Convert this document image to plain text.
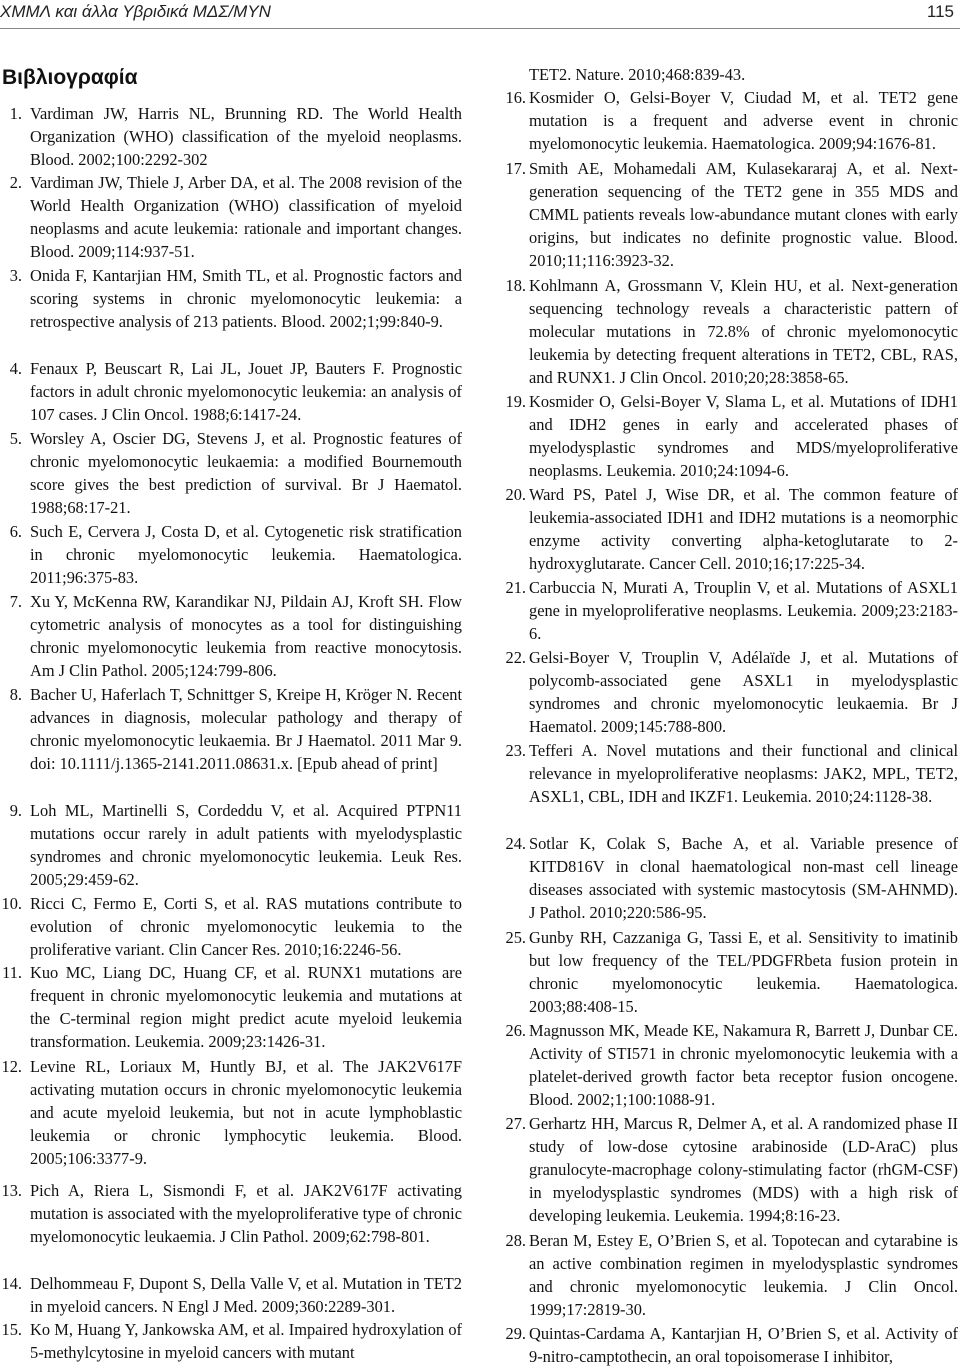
ΧΜΜΛ και άλλα Υβριδικά ΜΔΣ/ΜΥΝ	115
Βιβλιογραφία
1. Vardiman JW, Harris NL, Brunning RD. The World Health Organization (WHO) classification of the myeloid neoplasms. Blood. 2002;100:2292-302
2. Vardiman JW, Thiele J, Arber DA, et al. The 2008 revision of the World Health Organization (WHO) classification of myeloid neoplasms and acute leukemia: rationale and important changes. Blood. 2009;114:937-51.
3. Onida F, Kantarjian HM, Smith TL, et al. Prognostic factors and scoring systems in chronic myelomonocytic leukemia: a retrospective analysis of 213 patients. Blood. 2002;1;99:840-9.
4. Fenaux P, Beuscart R, Lai JL, Jouet JP, Bauters F. Prognostic factors in adult chronic myelomonocytic leukemia: an analysis of 107 cases. J Clin Oncol. 1988;6:1417-24.
5. Worsley A, Oscier DG, Stevens J, et al. Prognostic features of chronic myelomonocytic leukaemia: a modified Bournemouth score gives the best prediction of survival. Br J Haematol. 1988;68:17-21.
6. Such E, Cervera J, Costa D, et al. Cytogenetic risk stratification in chronic myelomonocytic leukemia. Haematologica. 2011;96:375-83.
7. Xu Y, McKenna RW, Karandikar NJ, Pildain AJ, Kroft SH. Flow cytometric analysis of monocytes as a tool for distinguishing chronic myelomonocytic leukemia from reactive monocytosis. Am J Clin Pathol. 2005;124:799-806.
8. Bacher U, Haferlach T, Schnittger S, Kreipe H, Kröger N. Recent advances in diagnosis, molecular pathology and therapy of chronic myelomonocytic leukaemia. Br J Haematol. 2011 Mar 9. doi: 10.1111/j.1365-2141.2011.08631.x. [Epub ahead of print]
9. Loh ML, Martinelli S, Cordeddu V, et al. Acquired PTPN11 mutations occur rarely in adult patients with myelodysplastic syndromes and chronic myelomonocytic leukemia. Leuk Res. 2005;29:459-62.
10. Ricci C, Fermo E, Corti S, et al. RAS mutations contribute to evolution of chronic myelomonocytic leukemia to the proliferative variant. Clin Cancer Res. 2010;16:2246-56.
11. Kuo MC, Liang DC, Huang CF, et al. RUNX1 mutations are frequent in chronic myelomonocytic leukemia and mutations at the C-terminal region might predict acute myeloid leukemia transformation. Leukemia. 2009;23:1426-31.
12. Levine RL, Loriaux M, Huntly BJ, et al. The JAK2V617F activating mutation occurs in chronic myelomonocytic leukemia and acute myeloid leukemia, but not in acute lymphoblastic leukemia or chronic lymphocytic leukemia. Blood. 2005;106:3377-9.
13. Pich A, Riera L, Sismondi F, et al. JAK2V617F activating mutation is associated with the myeloproliferative type of chronic myelomonocytic leukaemia. J Clin Pathol. 2009;62:798-801.
14. Delhommeau F, Dupont S, Della Valle V, et al. Mutation in TET2 in myeloid cancers. N Engl J Med. 2009;360:2289-301.
15. Ko M, Huang Y, Jankowska AM, et al. Impaired hydroxylation of 5-methylcytosine in myeloid cancers with mutant
TET2. Nature. 2010;468:839-43.
16. Kosmider O, Gelsi-Boyer V, Ciudad M, et al. TET2 gene mutation is a frequent and adverse event in chronic myelomonocytic leukemia. Haematologica. 2009;94:1676-81.
17. Smith AE, Mohamedali AM, Kulasekararaj A, et al. Next-generation sequencing of the TET2 gene in 355 MDS and CMML patients reveals low-abundance mutant clones with early origins, but indicates no definite prognostic value. Blood. 2010;11;116:3923-32.
18. Kohlmann A, Grossmann V, Klein HU, et al. Next-generation sequencing technology reveals a characteristic pattern of molecular mutations in 72.8% of chronic myelomonocytic leukemia by detecting frequent alterations in TET2, CBL, RAS, and RUNX1. J Clin Oncol. 2010;20;28:3858-65.
19. Kosmider O, Gelsi-Boyer V, Slama L, et al. Mutations of IDH1 and IDH2 genes in early and accelerated phases of myelodysplastic syndromes and MDS/myeloproliferative neoplasms. Leukemia. 2010;24:1094-6.
20. Ward PS, Patel J, Wise DR, et al. The common feature of leukemia-associated IDH1 and IDH2 mutations is a neomorphic enzyme activity converting alpha-ketoglutarate to 2-hydroxyglutarate. Cancer Cell. 2010;16;17:225-34.
21. Carbuccia N, Murati A, Trouplin V, et al. Mutations of ASXL1 gene in myeloproliferative neoplasms. Leukemia. 2009;23:2183-6.
22. Gelsi-Boyer V, Trouplin V, Adélaïde J, et al. Mutations of polycomb-associated gene ASXL1 in myelodysplastic syndromes and chronic myelomonocytic leukaemia. Br J Haematol. 2009;145:788-800.
23. Tefferi A. Novel mutations and their functional and clinical relevance in myeloproliferative neoplasms: JAK2, MPL, TET2, ASXL1, CBL, IDH and IKZF1. Leukemia. 2010;24:1128-38.
24. Sotlar K, Colak S, Bache A, et al. Variable presence of KITD816V in clonal haematological non-mast cell lineage diseases associated with systemic mastocytosis (SM-AHNMD). J Pathol. 2010;220:586-95.
25. Gunby RH, Cazzaniga G, Tassi E, et al. Sensitivity to imatinib but low frequency of the TEL/PDGFRbeta fusion protein in chronic myelomonocytic leukemia. Haematologica. 2003;88:408-15.
26. Magnusson MK, Meade KE, Nakamura R, Barrett J, Dunbar CE. Activity of STI571 in chronic myelomonocytic leukemia with a platelet-derived growth factor beta receptor fusion oncogene. Blood. 2002;1;100:1088-91.
27. Gerhartz HH, Marcus R, Delmer A, et al. A randomized phase II study of low-dose cytosine arabinoside (LD-AraC) plus granulocyte-macrophage colony-stimulating factor (rhGM-CSF) in myelodysplastic syndromes (MDS) with a high risk of developing leukemia. Leukemia. 1994;8:16-23.
28. Beran M, Estey E, O’Brien S, et al. Topotecan and cytarabine is an active combination regimen in myelodysplastic syndromes and chronic myelomonocytic leukemia. J Clin Oncol. 1999;17:2819-30.
29. Quintas-Cardama A, Kantarjian H, O’Brien S, et al. Activity of 9-nitro-camptothecin, an oral topoisomerase I inhibitor,
